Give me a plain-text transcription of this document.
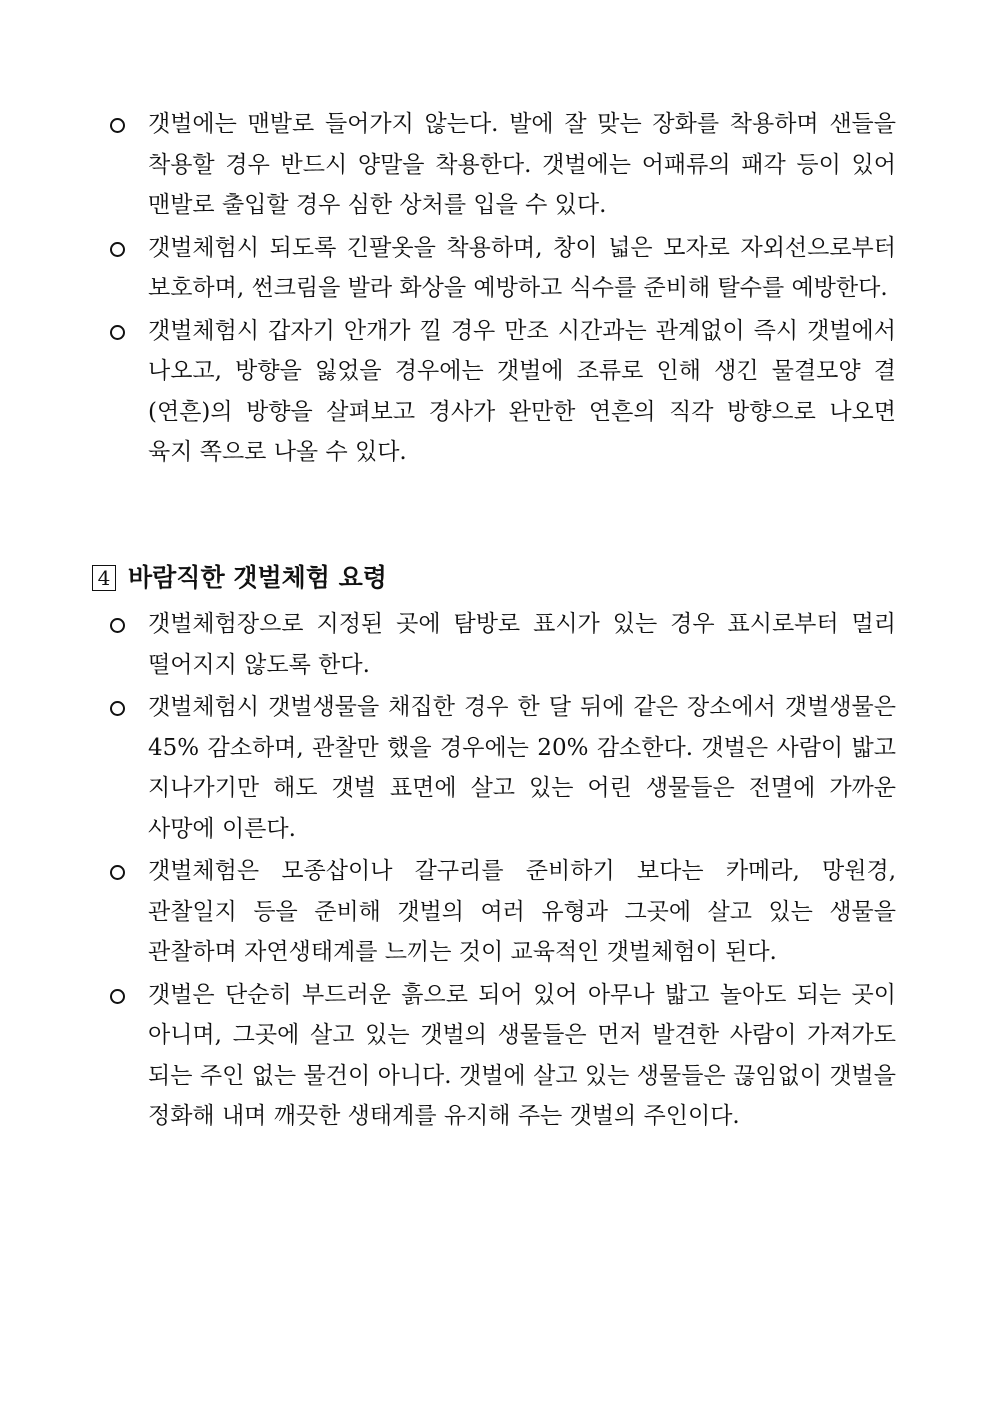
갯벌에는 맨발로 들어가지 않는다. 발에 잘 맞는 장화를 착용하며 샌들을 착용할 경우 반드시 양말을 착용한다. 갯벌에는 어패류의 패각 등이 있어 맨발로 출입할 경우 심한 상처를 입을 수 있다.
갯벌체험시 되도록 긴팔옷을 착용하며, 창이 넓은 모자로 자외선으로부터 보호하며, 썬크림을 발라 화상을 예방하고 식수를 준비해 탈수를 예방한다.
갯벌체험시 갑자기 안개가 낄 경우 만조 시간과는 관계없이 즉시 갯벌에서 나오고, 방향을 잃었을 경우에는 갯벌에 조류로 인해 생긴 물결모양 결(연흔)의 방향을 살펴보고 경사가 완만한 연흔의 직각 방향으로 나오면 육지 쪽으로 나올 수 있다.
4 바람직한 갯벌체험 요령
갯벌체험장으로 지정된 곳에 탐방로 표시가 있는 경우 표시로부터 멀리 떨어지지 않도록 한다.
갯벌체험시 갯벌생물을 채집한 경우 한 달 뒤에 같은 장소에서 갯벌생물은 45% 감소하며, 관찰만 했을 경우에는 20% 감소한다. 갯벌은 사람이 밟고 지나가기만 해도 갯벌 표면에 살고 있는 어린 생물들은 전멸에 가까운 사망에 이른다.
갯벌체험은 모종삽이나 갈구리를 준비하기 보다는 카메라, 망원경, 관찰일지 등을 준비해 갯벌의 여러 유형과 그곳에 살고 있는 생물을 관찰하며 자연생태계를 느끼는 것이 교육적인 갯벌체험이 된다.
갯벌은 단순히 부드러운 흙으로 되어 있어 아무나 밟고 놀아도 되는 곳이 아니며, 그곳에 살고 있는 갯벌의 생물들은 먼저 발견한 사람이 가져가도 되는 주인 없는 물건이 아니다. 갯벌에 살고 있는 생물들은 끊임없이 갯벌을 정화해 내며 깨끗한 생태계를 유지해 주는 갯벌의 주인이다.
